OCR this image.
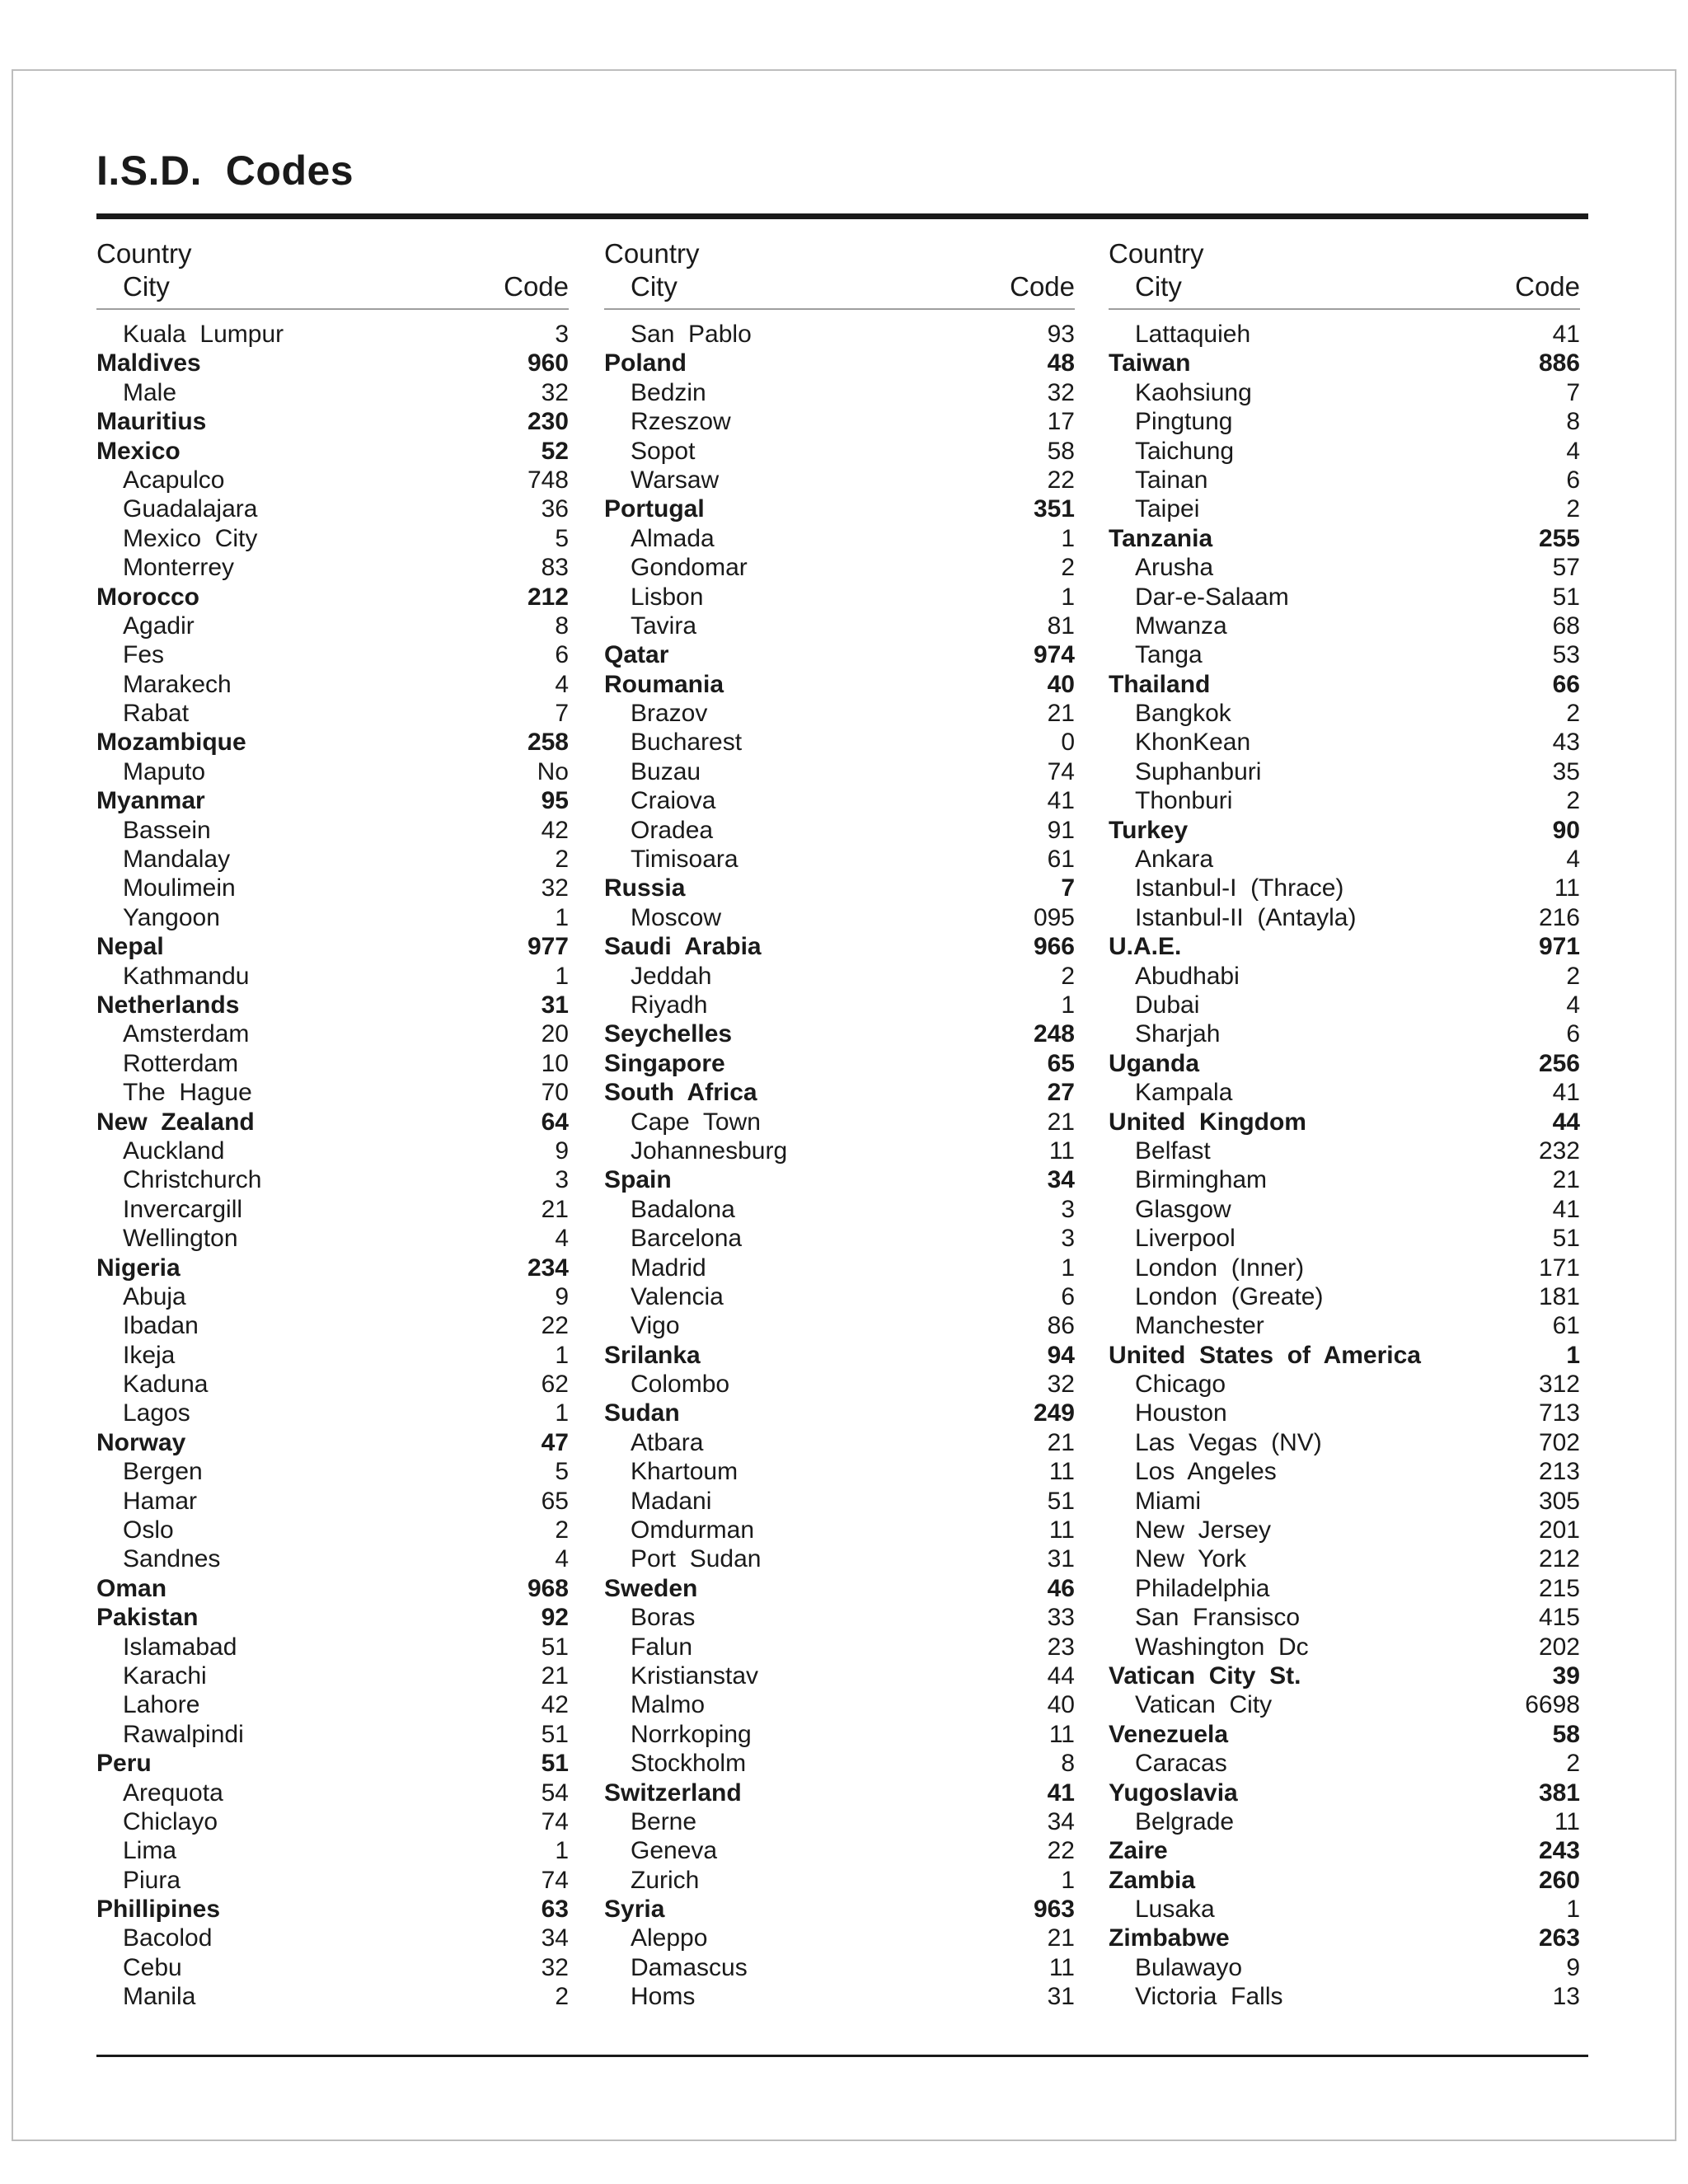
I.S.D.  Codes
Country
City	Code
Kuala  Lumpur	3
Maldives	960
Male	32
Mauritius	230
Mexico	52
Acapulco	748
Guadalajara	36
Mexico  City	5
Monterrey	83
Morocco	212
Agadir	8
Fes	6
Marakech	4
Rabat	7
Mozambique	258
Maputo	No
Myanmar	95
Bassein	42
Mandalay	2
Moulimein	32
Yangoon	1
Nepal	977
Kathmandu	1
Netherlands	31
Amsterdam	20
Rotterdam	10
The  Hague	70
New  Zealand	64
Auckland	9
Christchurch	3
Invercargill	21
Wellington	4
Nigeria	234
Abuja	9
Ibadan	22
Ikeja	1
Kaduna	62
Lagos	1
Norway	47
Bergen	5
Hamar	65
Oslo	2
Sandnes	4
Oman	968
Pakistan	92
Islamabad	51
Karachi	21
Lahore	42
Rawalpindi	51
Peru	51
Arequota	54
Chiclayo	74
Lima	1
Piura	74
Phillipines	63
Bacolod	34
Cebu	32
Manila	2
Country
City	Code
San  Pablo	93
Poland	48
Bedzin	32
Rzeszow	17
Sopot	58
Warsaw	22
Portugal	351
Almada	1
Gondomar	2
Lisbon	1
Tavira	81
Qatar	974
Roumania	40
Brazov	21
Bucharest	0
Buzau	74
Craiova	41
Oradea	91
Timisoara	61
Russia	7
Moscow	095
Saudi  Arabia	966
Jeddah	2
Riyadh	1
Seychelles	248
Singapore	65
South  Africa	27
Cape  Town	21
Johannesburg	11
Spain	34
Badalona	3
Barcelona	3
Madrid	1
Valencia	6
Vigo	86
Srilanka	94
Colombo	32
Sudan	249
Atbara	21
Khartoum	11
Madani	51
Omdurman	11
Port  Sudan	31
Sweden	46
Boras	33
Falun	23
Kristianstav	44
Malmo	40
Norrkoping	11
Stockholm	8
Switzerland	41
Berne	34
Geneva	22
Zurich	1
Syria	963
Aleppo	21
Damascus	11
Homs	31
Country
City	Code
Lattaquieh	41
Taiwan	886
Kaohsiung	7
Pingtung	8
Taichung	4
Tainan	6
Taipei	2
Tanzania	255
Arusha	57
Dar-e-Salaam	51
Mwanza	68
Tanga	53
Thailand	66
Bangkok	2
KhonKean	43
Suphanburi	35
Thonburi	2
Turkey	90
Ankara	4
Istanbul-I  (Thrace)	11
Istanbul-II  (Antayla)	216
U.A.E.	971
Abudhabi	2
Dubai	4
Sharjah	6
Uganda	256
Kampala	41
United  Kingdom	44
Belfast	232
Birmingham	21
Glasgow	41
Liverpool	51
London  (Inner)	171
London  (Greate)	181
Manchester	61
United  States  of  America	1
Chicago	312
Houston	713
Las  Vegas  (NV)	702
Los  Angeles	213
Miami	305
New  Jersey	201
New  York	212
Philadelphia	215
San  Fransisco	415
Washington  Dc	202
Vatican  City  St.	39
Vatican  City	6698
Venezuela	58
Caracas	2
Yugoslavia	381
Belgrade	11
Zaire	243
Zambia	260
Lusaka	1
Zimbabwe	263
Bulawayo	9
Victoria  Falls	13
